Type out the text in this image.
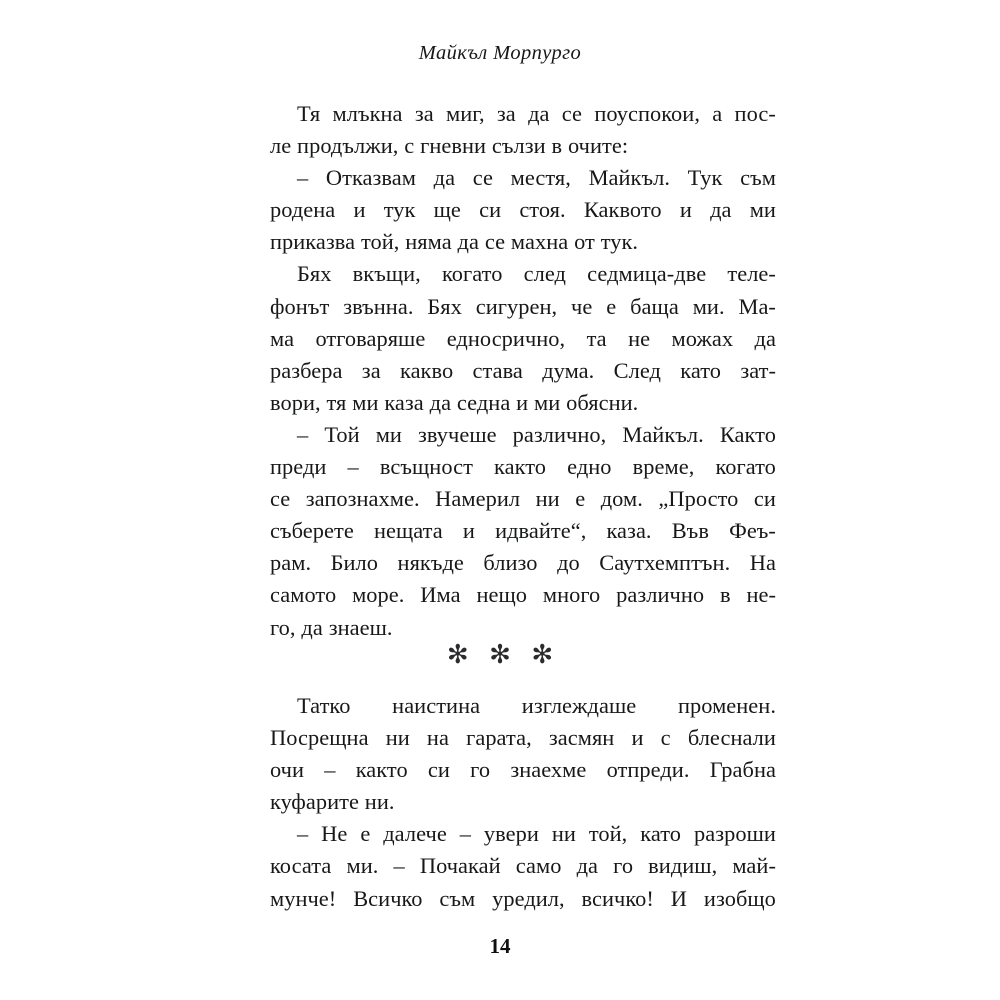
Майкъл Морпурго

Тя млъкна за миг, за да се поуспокои, а пос-
ле продължи, с гневни сълзи в очите:

– Отказвам да се местя, Майкъл. Тук съм
родена и тук ще си стоя. Каквото и да ми
приказва той, няма да се махна от тук.

Бях вкъщи, когато след седмица-две теле-
фонът звънна. Бях сигурен, че е баща ми. Ма-
ма отговаряше едносрично, та не можах да
разбера за какво става дума. След като зат-
вори, тя ми каза да седна и ми обясни.

– Той ми звучеше различно, Майкъл. Както
преди – всъщност както едно време, когато
се запознахме. Намерил ни е дом. „Просто си
съберете нещата и идвайте“, каза. Във Феъ-
рам. Било някъде близо до Саутхемптън. На
самото море. Има нещо много различно в не-
го, да знаеш.

✻ ✻ ✻

Татко наистина изглеждаше променен.
Посрещна ни на гарата, засмян и с блеснали
очи – както си го знаехме отпреди. Грабна
куфарите ни.

– Не е далече – увери ни той, като разроши
косата ми. – Почакай само да го видиш, май-
мунче! Всичко съм уредил, всичко! И изобщо

14
